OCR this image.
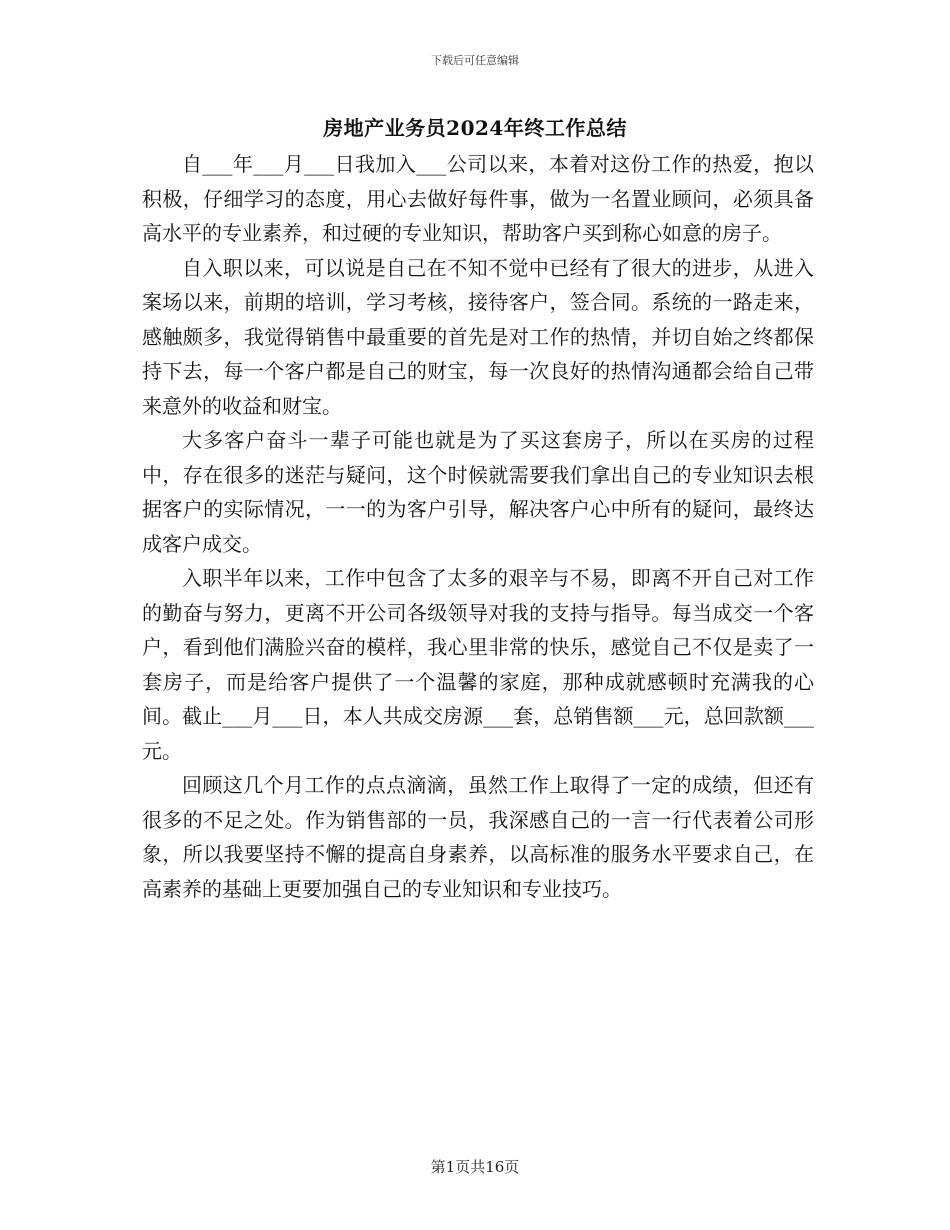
下载后可任意编辑
房地产业务员2024年终工作总结

自___年___月___日我加入___公司以来，本着对这份工作的热爱，抱以积极，仔细学习的态度，用心去做好每件事，做为一名置业顾问，必须具备高水平的专业素养，和过硬的专业知识，帮助客户买到称心如意的房子。

自入职以来，可以说是自己在不知不觉中已经有了很大的进步，从进入案场以来，前期的培训，学习考核，接待客户，签合同。系统的一路走来，感触颇多，我觉得销售中最重要的首先是对工作的热情，并切自始之终都保持下去，每一个客户都是自己的财宝，每一次良好的热情沟通都会给自己带来意外的收益和财宝。

大多客户奋斗一辈子可能也就是为了买这套房子，所以在买房的过程中，存在很多的迷茫与疑问，这个时候就需要我们拿出自己的专业知识去根据客户的实际情况，一一的为客户引导，解决客户心中所有的疑问，最终达成客户成交。

入职半年以来，工作中包含了太多的艰辛与不易，即离不开自己对工作的勤奋与努力，更离不开公司各级领导对我的支持与指导。每当成交一个客户，看到他们满脸兴奋的模样，我心里非常的快乐，感觉自己不仅是卖了一套房子，而是给客户提供了一个温馨的家庭，那种成就感顿时充满我的心间。截止___月___日，本人共成交房源___套，总销售额___元，总回款额___元。

回顾这几个月工作的点点滴滴，虽然工作上取得了一定的成绩，但还有很多的不足之处。作为销售部的一员，我深感自己的一言一行代表着公司形象，所以我要坚持不懈的提高自身素养，以高标准的服务水平要求自己，在高素养的基础上更要加强自己的专业知识和专业技巧。

第1页共16页
